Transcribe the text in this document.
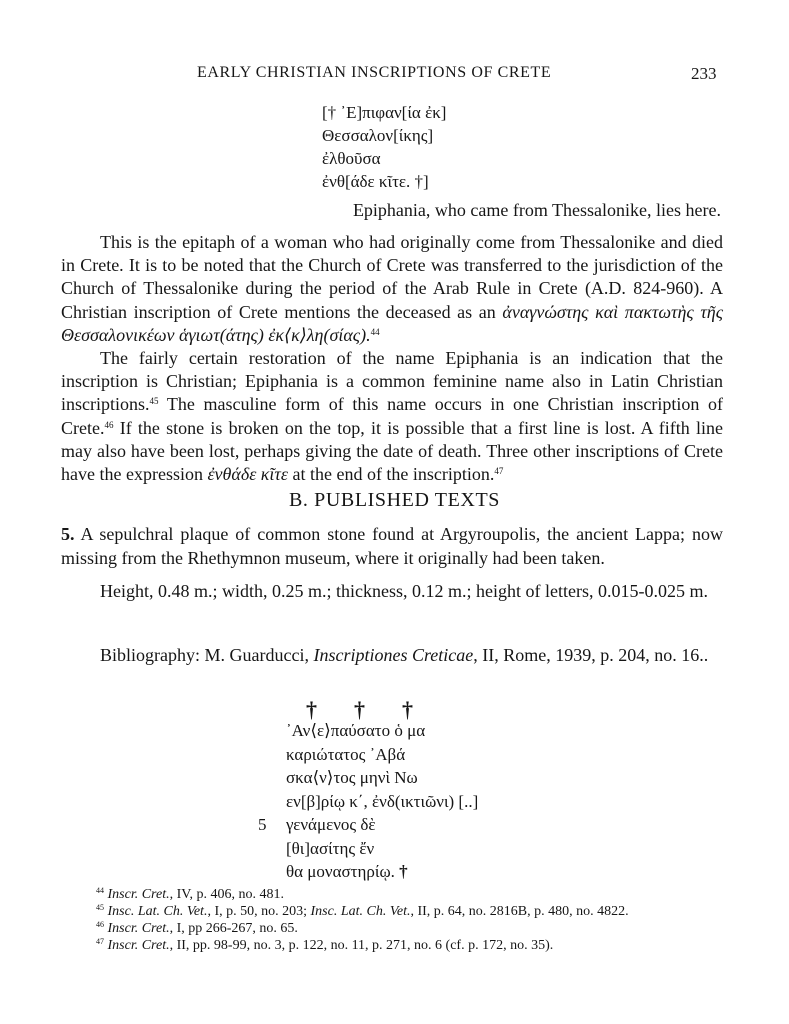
EARLY CHRISTIAN INSCRIPTIONS OF CRETE	233
[† ᾿Ε]πιφαν[ία ἐκ]
Θεσσαλον[ίκης]
ἐλθοῦσα
ἐνθ[άδε κῖτε. †]
Epiphania, who came from Thessalonike, lies here.

This is the epitaph of a woman who had originally come from Thessalonike and died in Crete. It is to be noted that the Church of Crete was transferred to the jurisdiction of the Church of Thessalonike during the period of the Arab Rule in Crete (A.D. 824-960). A Christian inscription of Crete mentions the deceased as an ἀναγνώστης καὶ πακτωτὴς τῆς Θεσσαλονικέων ἁγιωτ(άτης) ἐκ⟨κ⟩λη(σίας).$^{44}$

The fairly certain restoration of the name Epiphania is an indication that the inscription is Christian; Epiphania is a common feminine name also in Latin Christian inscriptions.$^{45}$ The masculine form of this name occurs in one Christian inscription of Crete.$^{46}$ If the stone is broken on the top, it is possible that a first line is lost. A fifth line may also have been lost, perhaps giving the date of death. Three other inscriptions of Crete have the expression ἐνθάδε κῖτε at the end of the inscription.$^{47}$

B. PUBLISHED TEXTS
5. A sepulchral plaque of common stone found at Argyroupolis, the ancient Lappa; now missing from the Rhethymnon museum, where it originally had been taken.
Height, 0.48 m.; width, 0.25 m.; thickness, 0.12 m.; height of letters, 0.015-0.025 m.
Bibliography: M. Guarducci, Inscriptiones Creticae, II, Rome, 1939, p. 204, no. 16..
† † †
᾿Αν⟨ε⟩παύσατο ὁ μα
καριώτατος ᾿Αβά
σκα⟨ν⟩τος μηνὶ Νω
εν[β]ρίῳ κ΄, ἐνδ(ικτιῶνι) [..]
5 γενάμενος δὲ
[θι]ασίτης ἔν
θα μοναστηρίῳ. †
$^{44}$ Inscr. Cret., IV, p. 406, no. 481.
$^{45}$ Insc. Lat. Ch. Vet., I, p. 50, no. 203; Insc. Lat. Ch. Vet., II, p. 64, no. 2816B, p. 480, no. 4822.
$^{46}$ Inscr. Cret., I, pp 266-267, no. 65.
$^{47}$ Inscr. Cret., II, pp. 98-99, no. 3, p. 122, no. 11, p. 271, no. 6 (cf. p. 172, no. 35).
